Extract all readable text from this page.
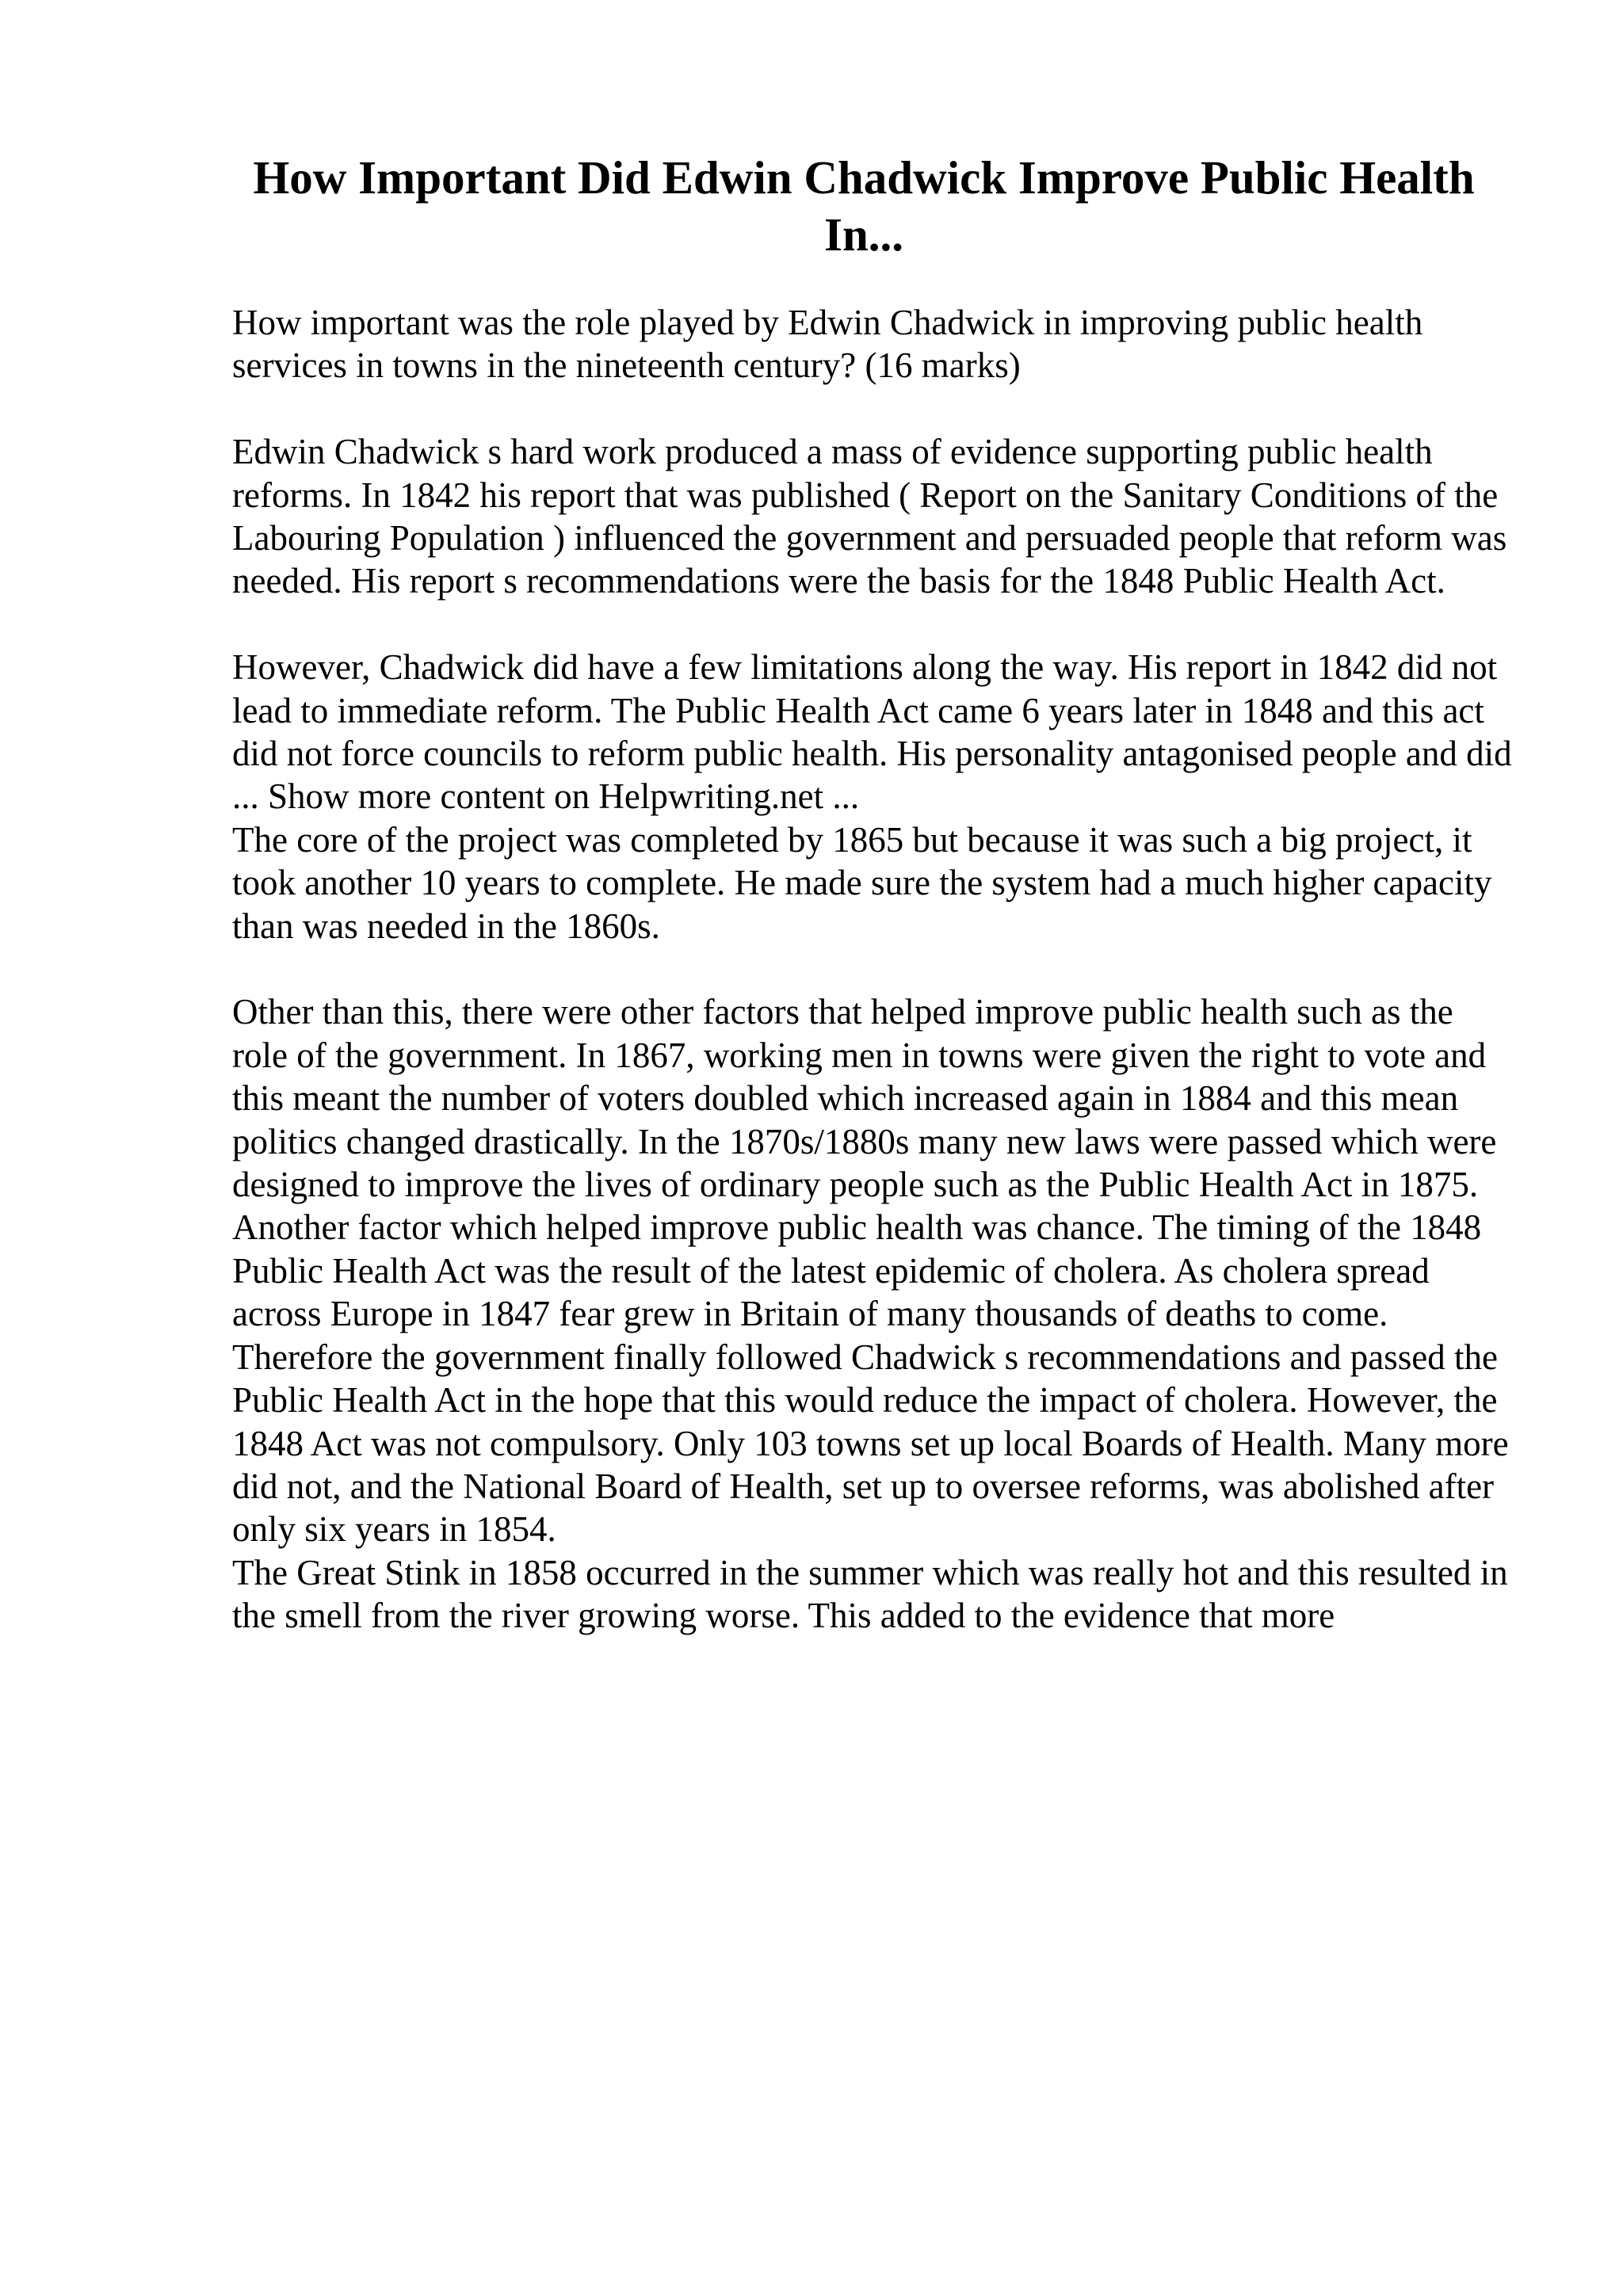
How Important Did Edwin Chadwick Improve Public Health In...

How important was the role played by Edwin Chadwick in improving public health services in towns in the nineteenth century? (16 marks)

Edwin Chadwick s hard work produced a mass of evidence supporting public health reforms. In 1842 his report that was published ( Report on the Sanitary Conditions of the Labouring Population ) influenced the government and persuaded people that reform was needed. His report s recommendations were the basis for the 1848 Public Health Act.

However, Chadwick did have a few limitations along the way. His report in 1842 did not lead to immediate reform. The Public Health Act came 6 years later in 1848 and this act did not force councils to reform public health. His personality antagonised people and did ... Show more content on Helpwriting.net ...

The core of the project was completed by 1865 but because it was such a big project, it took another 10 years to complete. He made sure the system had a much higher capacity than was needed in the 1860s.

Other than this, there were other factors that helped improve public health such as the role of the government. In 1867, working men in towns were given the right to vote and this meant the number of voters doubled which increased again in 1884 and this mean politics changed drastically. In the 1870s/1880s many new laws were passed which were designed to improve the lives of ordinary people such as the Public Health Act in 1875.

Another factor which helped improve public health was chance. The timing of the 1848 Public Health Act was the result of the latest epidemic of cholera. As cholera spread across Europe in 1847 fear grew in Britain of many thousands of deaths to come. Therefore the government finally followed Chadwick s recommendations and passed the Public Health Act in the hope that this would reduce the impact of cholera. However, the 1848 Act was not compulsory. Only 103 towns set up local Boards of Health. Many more did not, and the National Board of Health, set up to oversee reforms, was abolished after only six years in 1854.

The Great Stink in 1858 occurred in the summer which was really hot and this resulted in the smell from the river growing worse. This added to the evidence that more
